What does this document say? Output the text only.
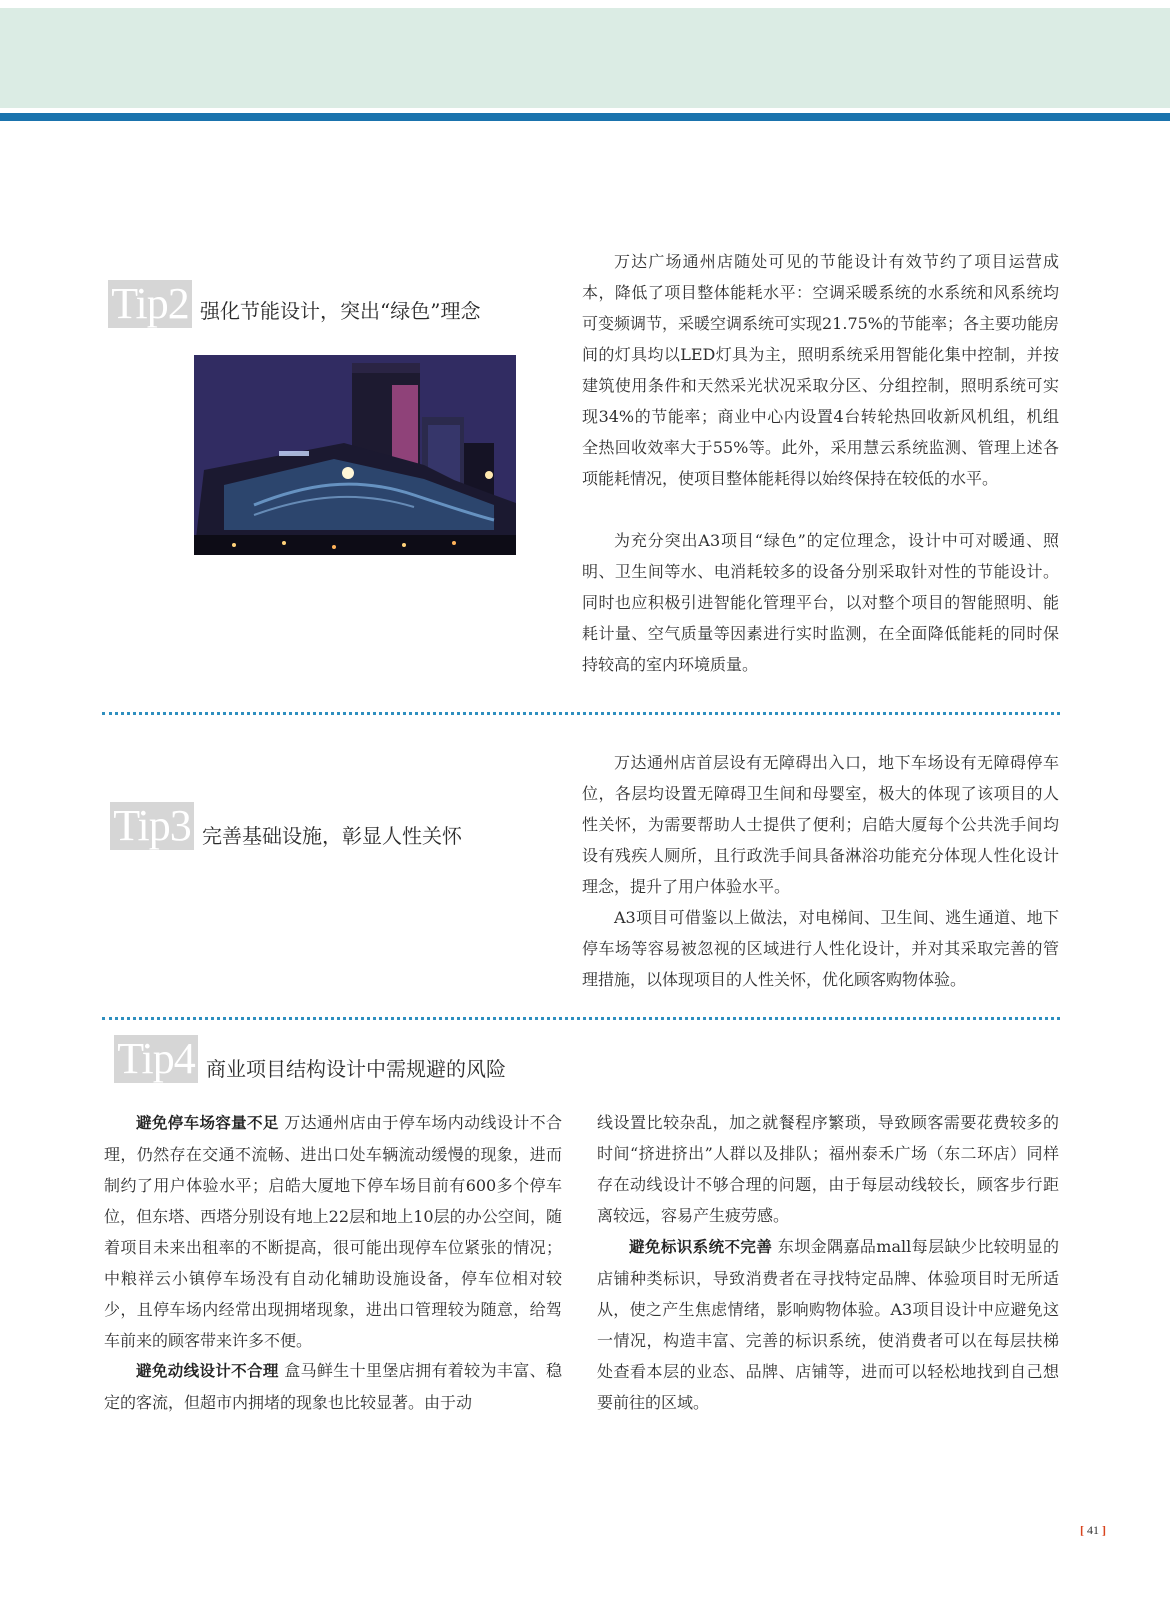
Tip2 强化节能设计，突出“绿色”理念

万达广场通州店随处可见的节能设计有效节约了项目运营成本，降低了项目整体能耗水平：空调采暖系统的水系统和风系统均可变频调节，采暖空调系统可实现21.75%的节能率；各主要功能房间的灯具均以LED灯具为主，照明系统采用智能化集中控制，并按建筑使用条件和天然采光状况采取分区、分组控制，照明系统可实现34%的节能率；商业中心内设置4台转轮热回收新风机组，机组全热回收效率大于55%等。此外，采用慧云系统监测、管理上述各项能耗情况，使项目整体能耗得以始终保持在较低的水平。

为充分突出A3项目“绿色”的定位理念，设计中可对暖通、照明、卫生间等水、电消耗较多的设备分别采取针对性的节能设计。同时也应积极引进智能化管理平台，以对整个项目的智能照明、能耗计量、空气质量等因素进行实时监测，在全面降低能耗的同时保持较高的室内环境质量。

Tip3 完善基础设施，彰显人性关怀

万达通州店首层设有无障碍出入口，地下车场设有无障碍停车位，各层均设置无障碍卫生间和母婴室，极大的体现了该项目的人性关怀，为需要帮助人士提供了便利；启皓大厦每个公共洗手间均设有残疾人厕所，且行政洗手间具备淋浴功能充分体现人性化设计理念，提升了用户体验水平。

A3项目可借鉴以上做法，对电梯间、卫生间、逃生通道、地下停车场等容易被忽视的区域进行人性化设计，并对其采取完善的管理措施，以体现项目的人性关怀，优化顾客购物体验。

Tip4 商业项目结构设计中需规避的风险

避免停车场容量不足 万达通州店由于停车场内动线设计不合理，仍然存在交通不流畅、进出口处车辆流动缓慢的现象，进而制约了用户体验水平；启皓大厦地下停车场目前有600多个停车位，但东塔、西塔分别设有地上22层和地上10层的办公空间，随着项目未来出租率的不断提高，很可能出现停车位紧张的情况；中粮祥云小镇停车场没有自动化辅助设施设备，停车位相对较少，且停车场内经常出现拥堵现象，进出口管理较为随意，给驾车前来的顾客带来许多不便。

避免动线设计不合理 盒马鲜生十里堡店拥有着较为丰富、稳定的客流，但超市内拥堵的现象也比较显著。由于动

线设置比较杂乱，加之就餐程序繁琐，导致顾客需要花费较多的时间“挤进挤出”人群以及排队；福州泰禾广场（东二环店）同样存在动线设计不够合理的问题，由于每层动线较长，顾客步行距离较远，容易产生疲劳感。

避免标识系统不完善 东坝金隅嘉品mall每层缺少比较明显的店铺种类标识，导致消费者在寻找特定品牌、体验项目时无所适从，使之产生焦虑情绪，影响购物体验。A3项目设计中应避免这一情况，构造丰富、完善的标识系统，使消费者可以在每层扶梯处查看本层的业态、品牌、店铺等，进而可以轻松地找到自己想要前往的区域。

[ 41 ]
